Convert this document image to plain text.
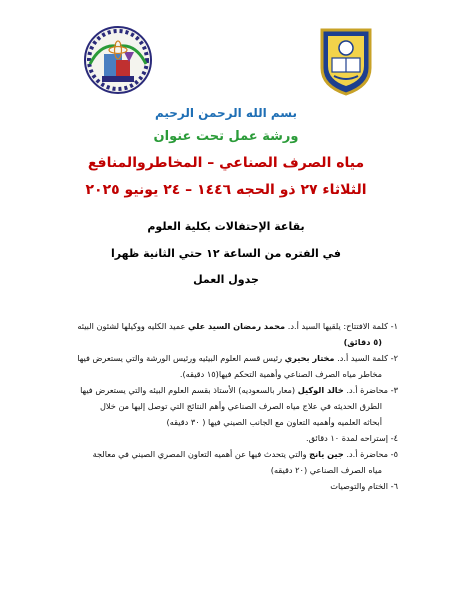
بسم الله الرحمن الرحيم
ورشة عمل تحت عنوان
مياه الصرف الصناعي – المخاطروالمنافع
الثلاثاء ٢٧ ذو الحجه ١٤٤٦ – ٢٤ يونيو ٢٠٢٥
بقاعة الإحتفالات بكلية العلوم
في الفتره من الساعة ١٢ حتي الثانية ظهرا
جدول العمل

١- كلمة الافتتاح: يلقيها السيد أ.د. محمد رمضان السيد علي عميد الكليه ووكيلها لشئون البيئه
(٥ دقائق)

٢- كلمة السيد أ.د. مختار بحيري رئيس قسم العلوم البيئيه ورئيس الورشة والتي يستعرض فيها
مخاطر مياه الصرف الصناعي وأهمية التحكم فيها(١٥ دقيقه).

٣- محاضرة أ.د. خالد الوكيل (معار بالسعوديه) الأستاذ بقسم العلوم البيئه والتي يستعرض فيها
الطرق الحديثه في علاج مياه الصرف الصناعي وأهم النتائج التي توصل إليها من خلال
أبحاثه العلميه وأهميه التعاون مع الجانب الصيني فيها ( ٣٠ دقيقه)

٤- إستراحه لمدة ١٠ دقائق.

٥- محاضرة أ.د. جين يانج والتي يتحدث فيها عن أهميه التعاون المصري الصيني في معالجة
مياه الصرف الصناعي (٢٠ دقيقه)

٦- الختام والتوصيات
